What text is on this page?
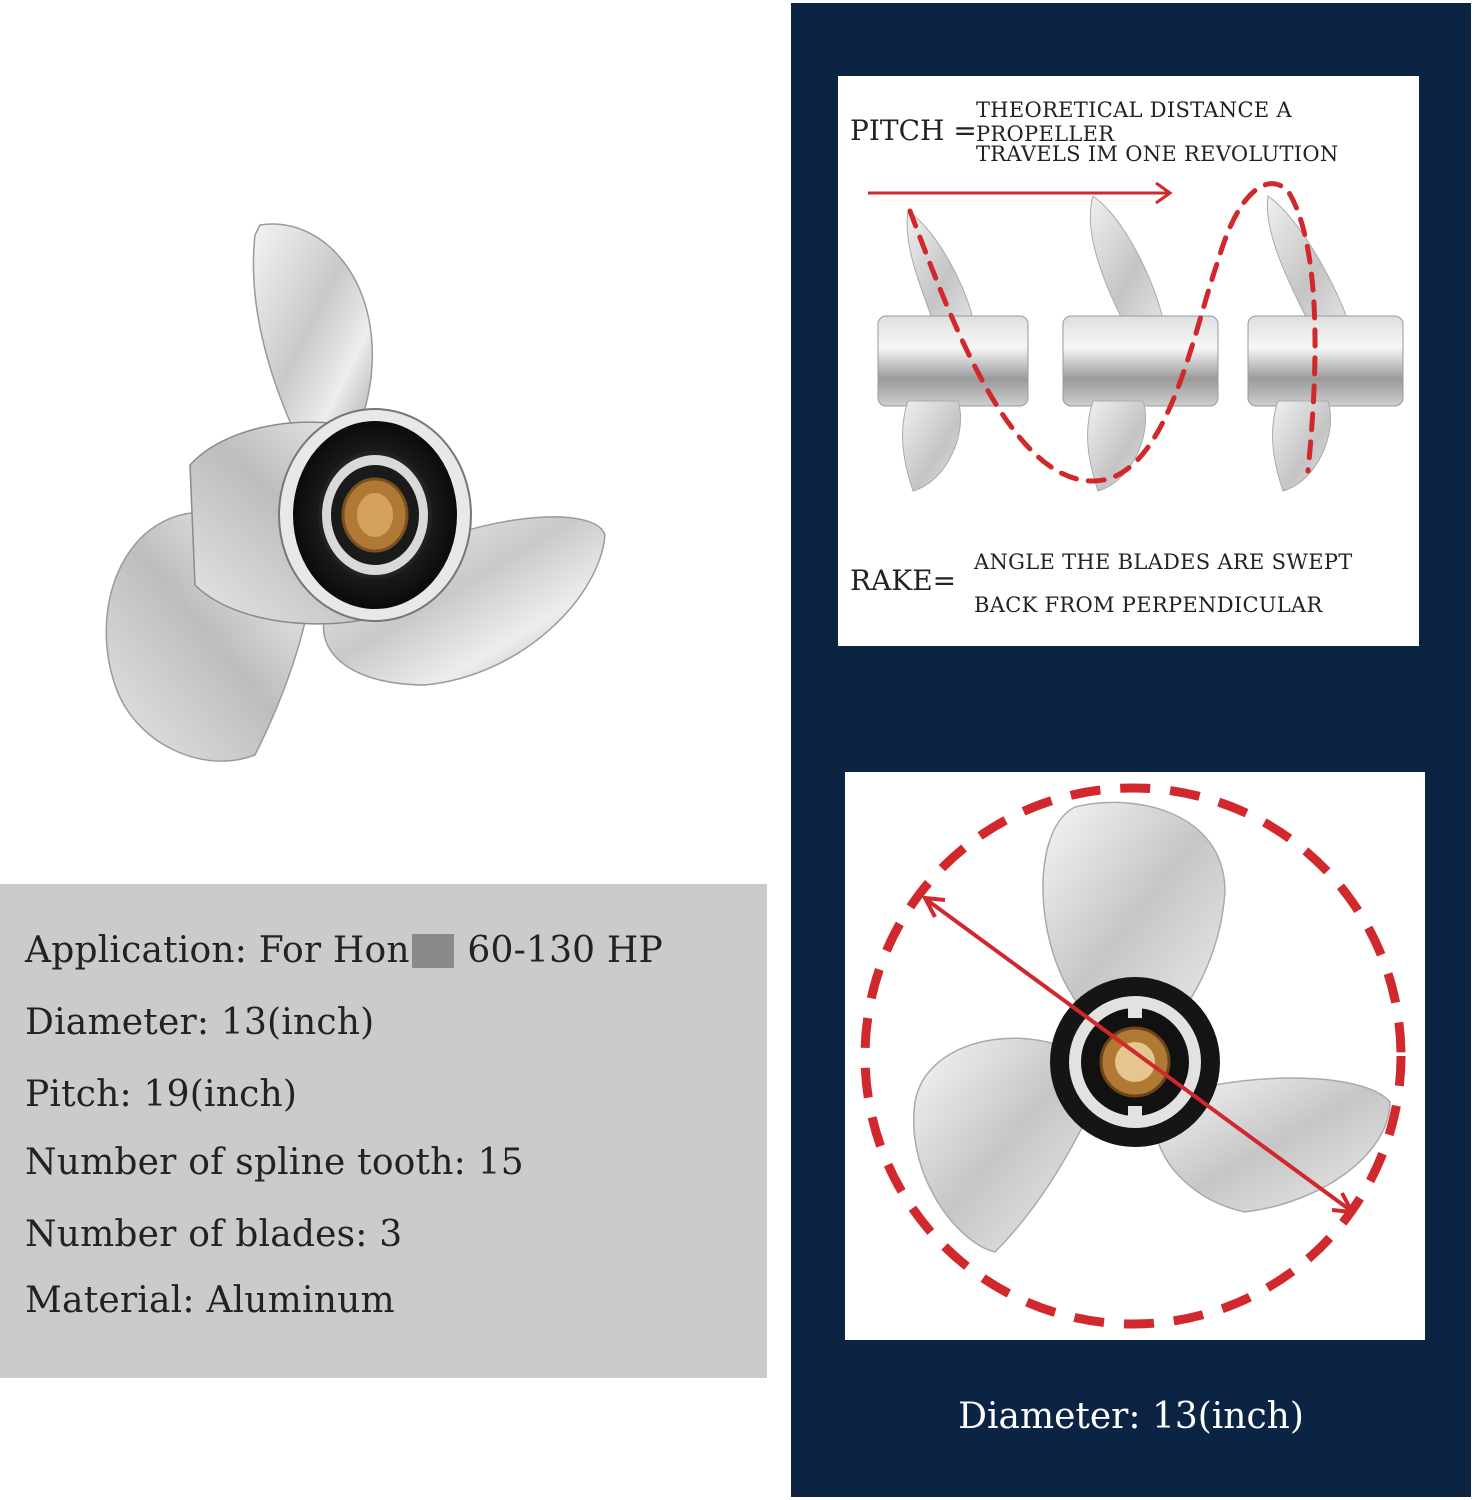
Application: For Hon 60-130 HP
Diameter: 13(inch)
Pitch: 19(inch)
Number of spline tooth: 15
Number of blades: 3
Material: Aluminum
PITCH =
THEORETICAL DISTANCE A PROPELLER
TRAVELS IM ONE REVOLUTION
RAKE=
ANGLE THE BLADES ARE SWEPT
BACK FROM PERPENDICULAR
Diameter: 13(inch)
